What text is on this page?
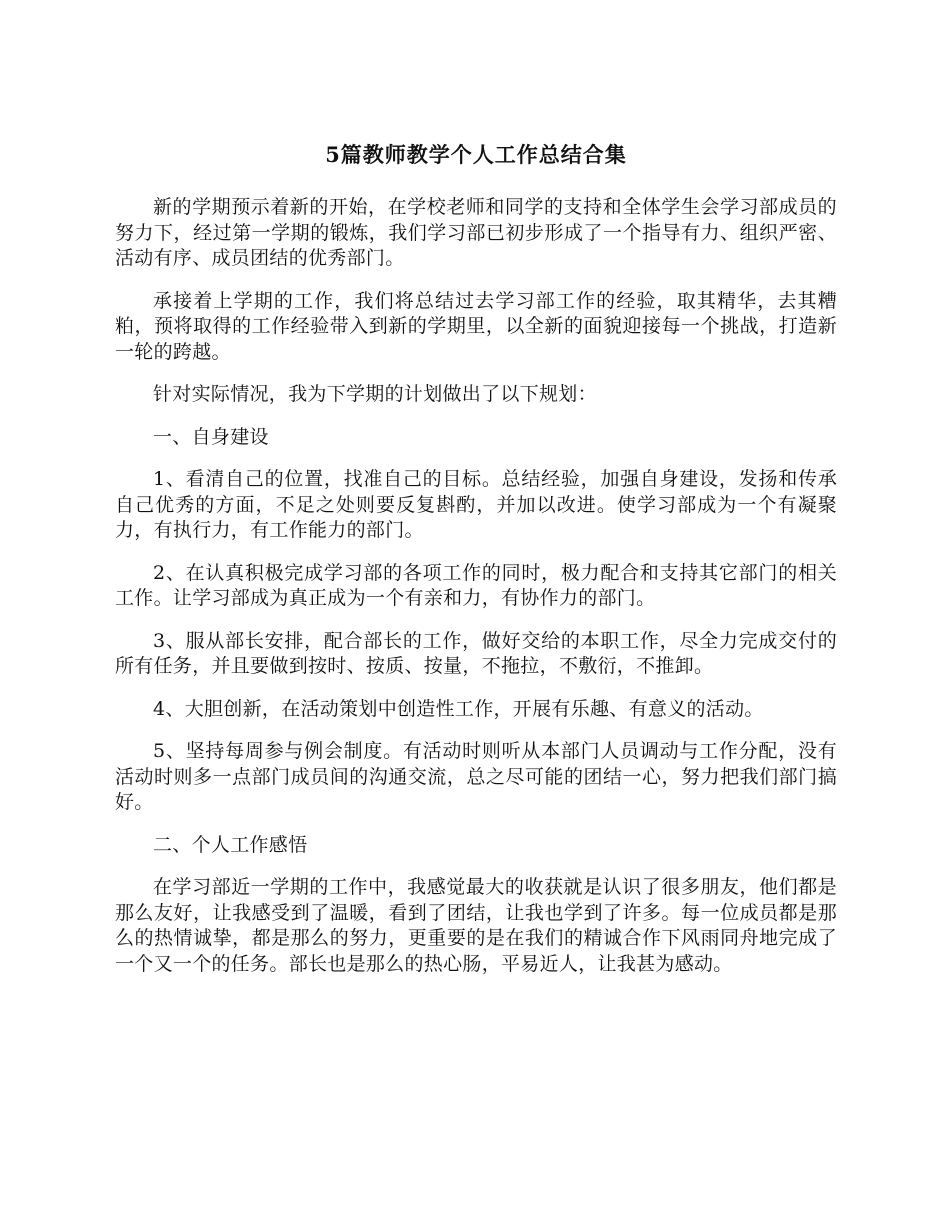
5篇教师教学个人工作总结合集

新的学期预示着新的开始，在学校老师和同学的支持和全体学生会学习部成员的努力下，经过第一学期的锻炼，我们学习部已初步形成了一个指导有力、组织严密、活动有序、成员团结的优秀部门。

承接着上学期的工作，我们将总结过去学习部工作的经验，取其精华，去其糟粕，预将取得的工作经验带入到新的学期里，以全新的面貌迎接每一个挑战，打造新一轮的跨越。

针对实际情况，我为下学期的计划做出了以下规划：

一、自身建设

1、看清自己的位置，找准自己的目标。总结经验，加强自身建设，发扬和传承自己优秀的方面，不足之处则要反复斟酌，并加以改进。使学习部成为一个有凝聚力，有执行力，有工作能力的部门。

2、在认真积极完成学习部的各项工作的同时，极力配合和支持其它部门的相关工作。让学习部成为真正成为一个有亲和力，有协作力的部门。

3、服从部长安排，配合部长的工作，做好交给的本职工作，尽全力完成交付的所有任务，并且要做到按时、按质、按量，不拖拉，不敷衍，不推卸。

4、大胆创新，在活动策划中创造性工作，开展有乐趣、有意义的活动。

5、坚持每周参与例会制度。有活动时则听从本部门人员调动与工作分配，没有活动时则多一点部门成员间的沟通交流，总之尽可能的团结一心，努力把我们部门搞好。

二、个人工作感悟

在学习部近一学期的工作中，我感觉最大的收获就是认识了很多朋友，他们都是那么友好，让我感受到了温暖，看到了团结，让我也学到了许多。每一位成员都是那么的热情诚挚，都是那么的努力，更重要的是在我们的精诚合作下风雨同舟地完成了一个又一个的任务。部长也是那么的热心肠，平易近人，让我甚为感动。
